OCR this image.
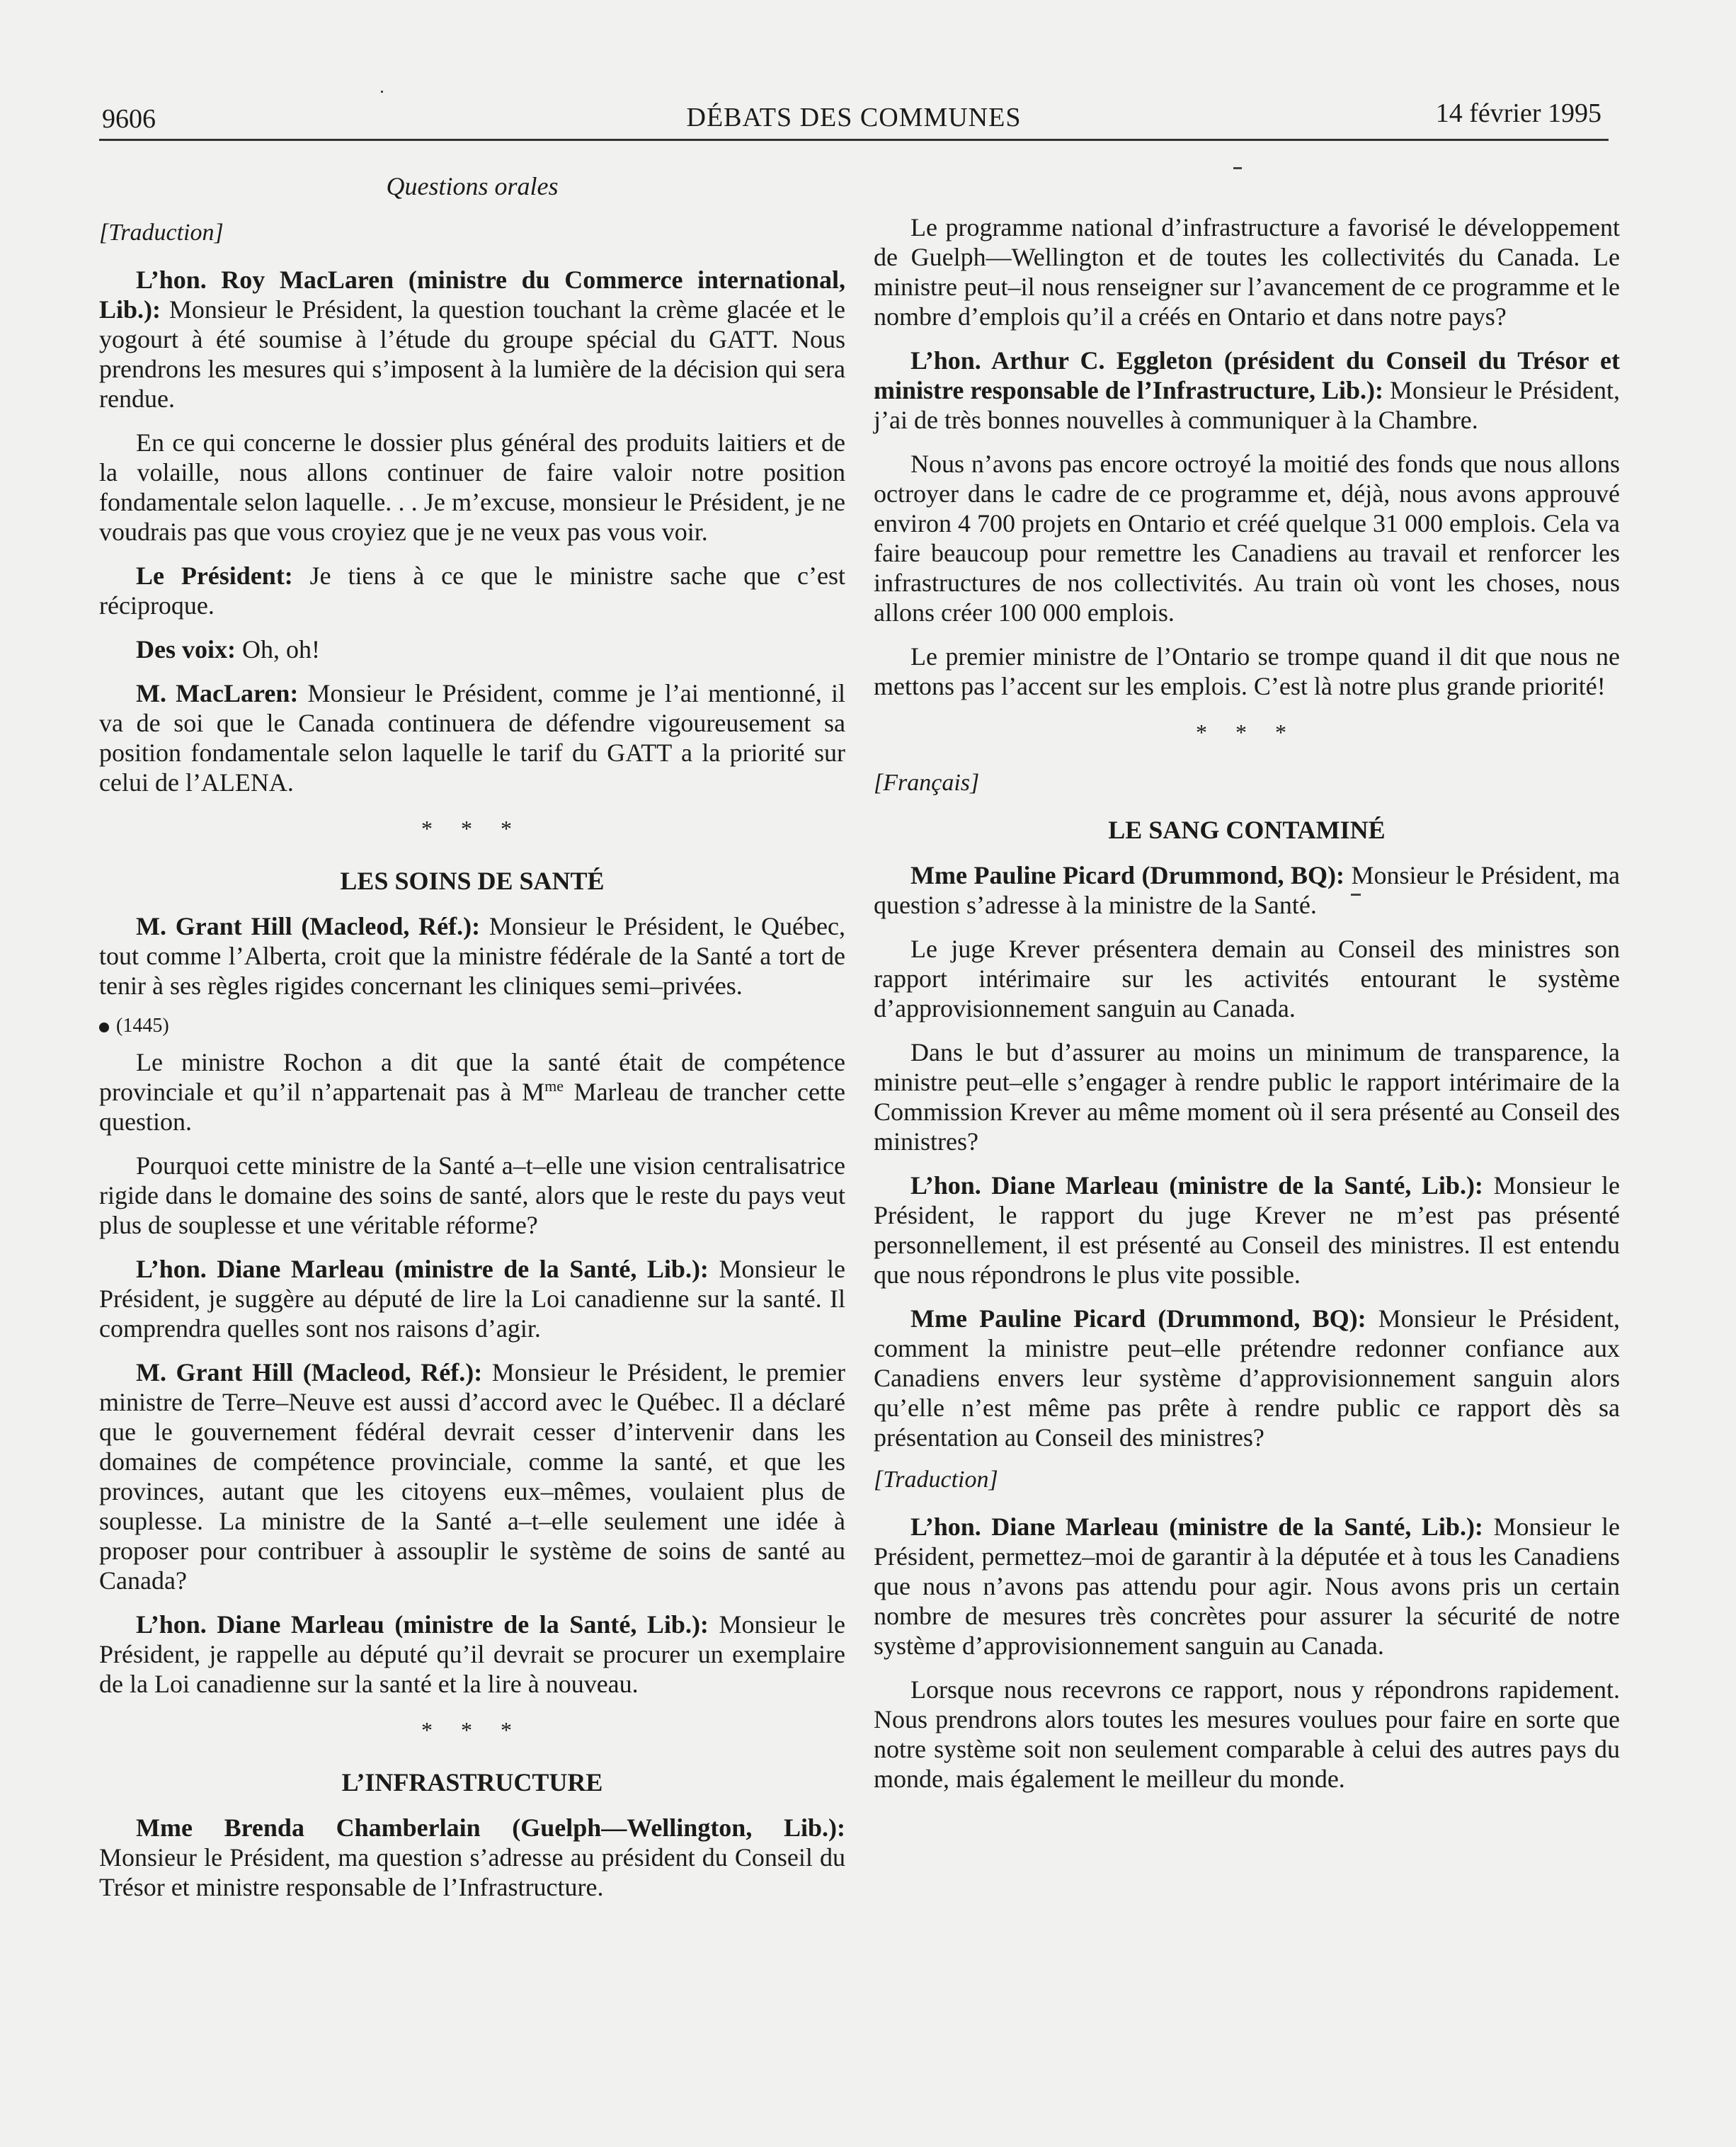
9606	DÉBATS DES COMMUNES	14 février 1995
Questions orales
[Traduction]

L’hon. Roy MacLaren (ministre du Commerce international, Lib.): Monsieur le Président, la question touchant la crème glacée et le yogourt à été soumise à l’étude du groupe spécial du GATT. Nous prendrons les mesures qui s’imposent à la lumière de la décision qui sera rendue.

En ce qui concerne le dossier plus général des produits laitiers et de la volaille, nous allons continuer de faire valoir notre position fondamentale selon laquelle. . . Je m’excuse, monsieur le Président, je ne voudrais pas que vous croyiez que je ne veux pas vous voir.

Le Président: Je tiens à ce que le ministre sache que c’est réciproque.

Des voix: Oh, oh!

M. MacLaren: Monsieur le Président, comme je l’ai mentionné, il va de soi que le Canada continuera de défendre vigoureusement sa position fondamentale selon laquelle le tarif du GATT a la priorité sur celui de l’ALENA.

* * *
LES SOINS DE SANTÉ

M. Grant Hill (Macleod, Réf.): Monsieur le Président, le Québec, tout comme l’Alberta, croit que la ministre fédérale de la Santé a tort de tenir à ses règles rigides concernant les cliniques semi–privées.

(1445)

Le ministre Rochon a dit que la santé était de compétence provinciale et qu’il n’appartenait pas à $M^{me}$ Marleau de trancher cette question.

Pourquoi cette ministre de la Santé a–t–elle une vision centralisatrice rigide dans le domaine des soins de santé, alors que le reste du pays veut plus de souplesse et une véritable réforme?

L’hon. Diane Marleau (ministre de la Santé, Lib.): Monsieur le Président, je suggère au député de lire la Loi canadienne sur la santé. Il comprendra quelles sont nos raisons d’agir.

M. Grant Hill (Macleod, Réf.): Monsieur le Président, le premier ministre de Terre–Neuve est aussi d’accord avec le Québec. Il a déclaré que le gouvernement fédéral devrait cesser d’intervenir dans les domaines de compétence provinciale, comme la santé, et que les provinces, autant que les citoyens eux–mêmes, voulaient plus de souplesse. La ministre de la Santé a–t–elle seulement une idée à proposer pour contribuer à assouplir le système de soins de santé au Canada?

L’hon. Diane Marleau (ministre de la Santé, Lib.): Monsieur le Président, je rappelle au député qu’il devrait se procurer un exemplaire de la Loi canadienne sur la santé et la lire à nouveau.

* * *
L’INFRASTRUCTURE

Mme Brenda Chamberlain (Guelph—Wellington, Lib.): Monsieur le Président, ma question s’adresse au président du Conseil du Trésor et ministre responsable de l’Infrastructure.

Le programme national d’infrastructure a favorisé le développement de Guelph—Wellington et de toutes les collectivités du Canada. Le ministre peut–il nous renseigner sur l’avancement de ce programme et le nombre d’emplois qu’il a créés en Ontario et dans notre pays?

L’hon. Arthur C. Eggleton (président du Conseil du Trésor et ministre responsable de l’Infrastructure, Lib.): Monsieur le Président, j’ai de très bonnes nouvelles à communiquer à la Chambre.

Nous n’avons pas encore octroyé la moitié des fonds que nous allons octroyer dans le cadre de ce programme et, déjà, nous avons approuvé environ 4 700 projets en Ontario et créé quelque 31 000 emplois. Cela va faire beaucoup pour remettre les Canadiens au travail et renforcer les infrastructures de nos collectivités. Au train où vont les choses, nous allons créer 100 000 emplois.

Le premier ministre de l’Ontario se trompe quand il dit que nous ne mettons pas l’accent sur les emplois. C’est là notre plus grande priorité!

* * *
[Français]
LE SANG CONTAMINÉ

Mme Pauline Picard (Drummond, BQ): Monsieur le Président, ma question s’adresse à la ministre de la Santé.

Le juge Krever présentera demain au Conseil des ministres son rapport intérimaire sur les activités entourant le système d’approvisionnement sanguin au Canada.

Dans le but d’assurer au moins un minimum de transparence, la ministre peut–elle s’engager à rendre public le rapport intérimaire de la Commission Krever au même moment où il sera présenté au Conseil des ministres?

L’hon. Diane Marleau (ministre de la Santé, Lib.): Monsieur le Président, le rapport du juge Krever ne m’est pas présenté personnellement, il est présenté au Conseil des ministres. Il est entendu que nous répondrons le plus vite possible.

Mme Pauline Picard (Drummond, BQ): Monsieur le Président, comment la ministre peut–elle prétendre redonner confiance aux Canadiens envers leur système d’approvisionnement sanguin alors qu’elle n’est même pas prête à rendre public ce rapport dès sa présentation au Conseil des ministres?

[Traduction]

L’hon. Diane Marleau (ministre de la Santé, Lib.): Monsieur le Président, permettez–moi de garantir à la députée et à tous les Canadiens que nous n’avons pas attendu pour agir. Nous avons pris un certain nombre de mesures très concrètes pour assurer la sécurité de notre système d’approvisionnement sanguin au Canada.

Lorsque nous recevrons ce rapport, nous y répondrons rapidement. Nous prendrons alors toutes les mesures voulues pour faire en sorte que notre système soit non seulement comparable à celui des autres pays du monde, mais également le meilleur du monde.
